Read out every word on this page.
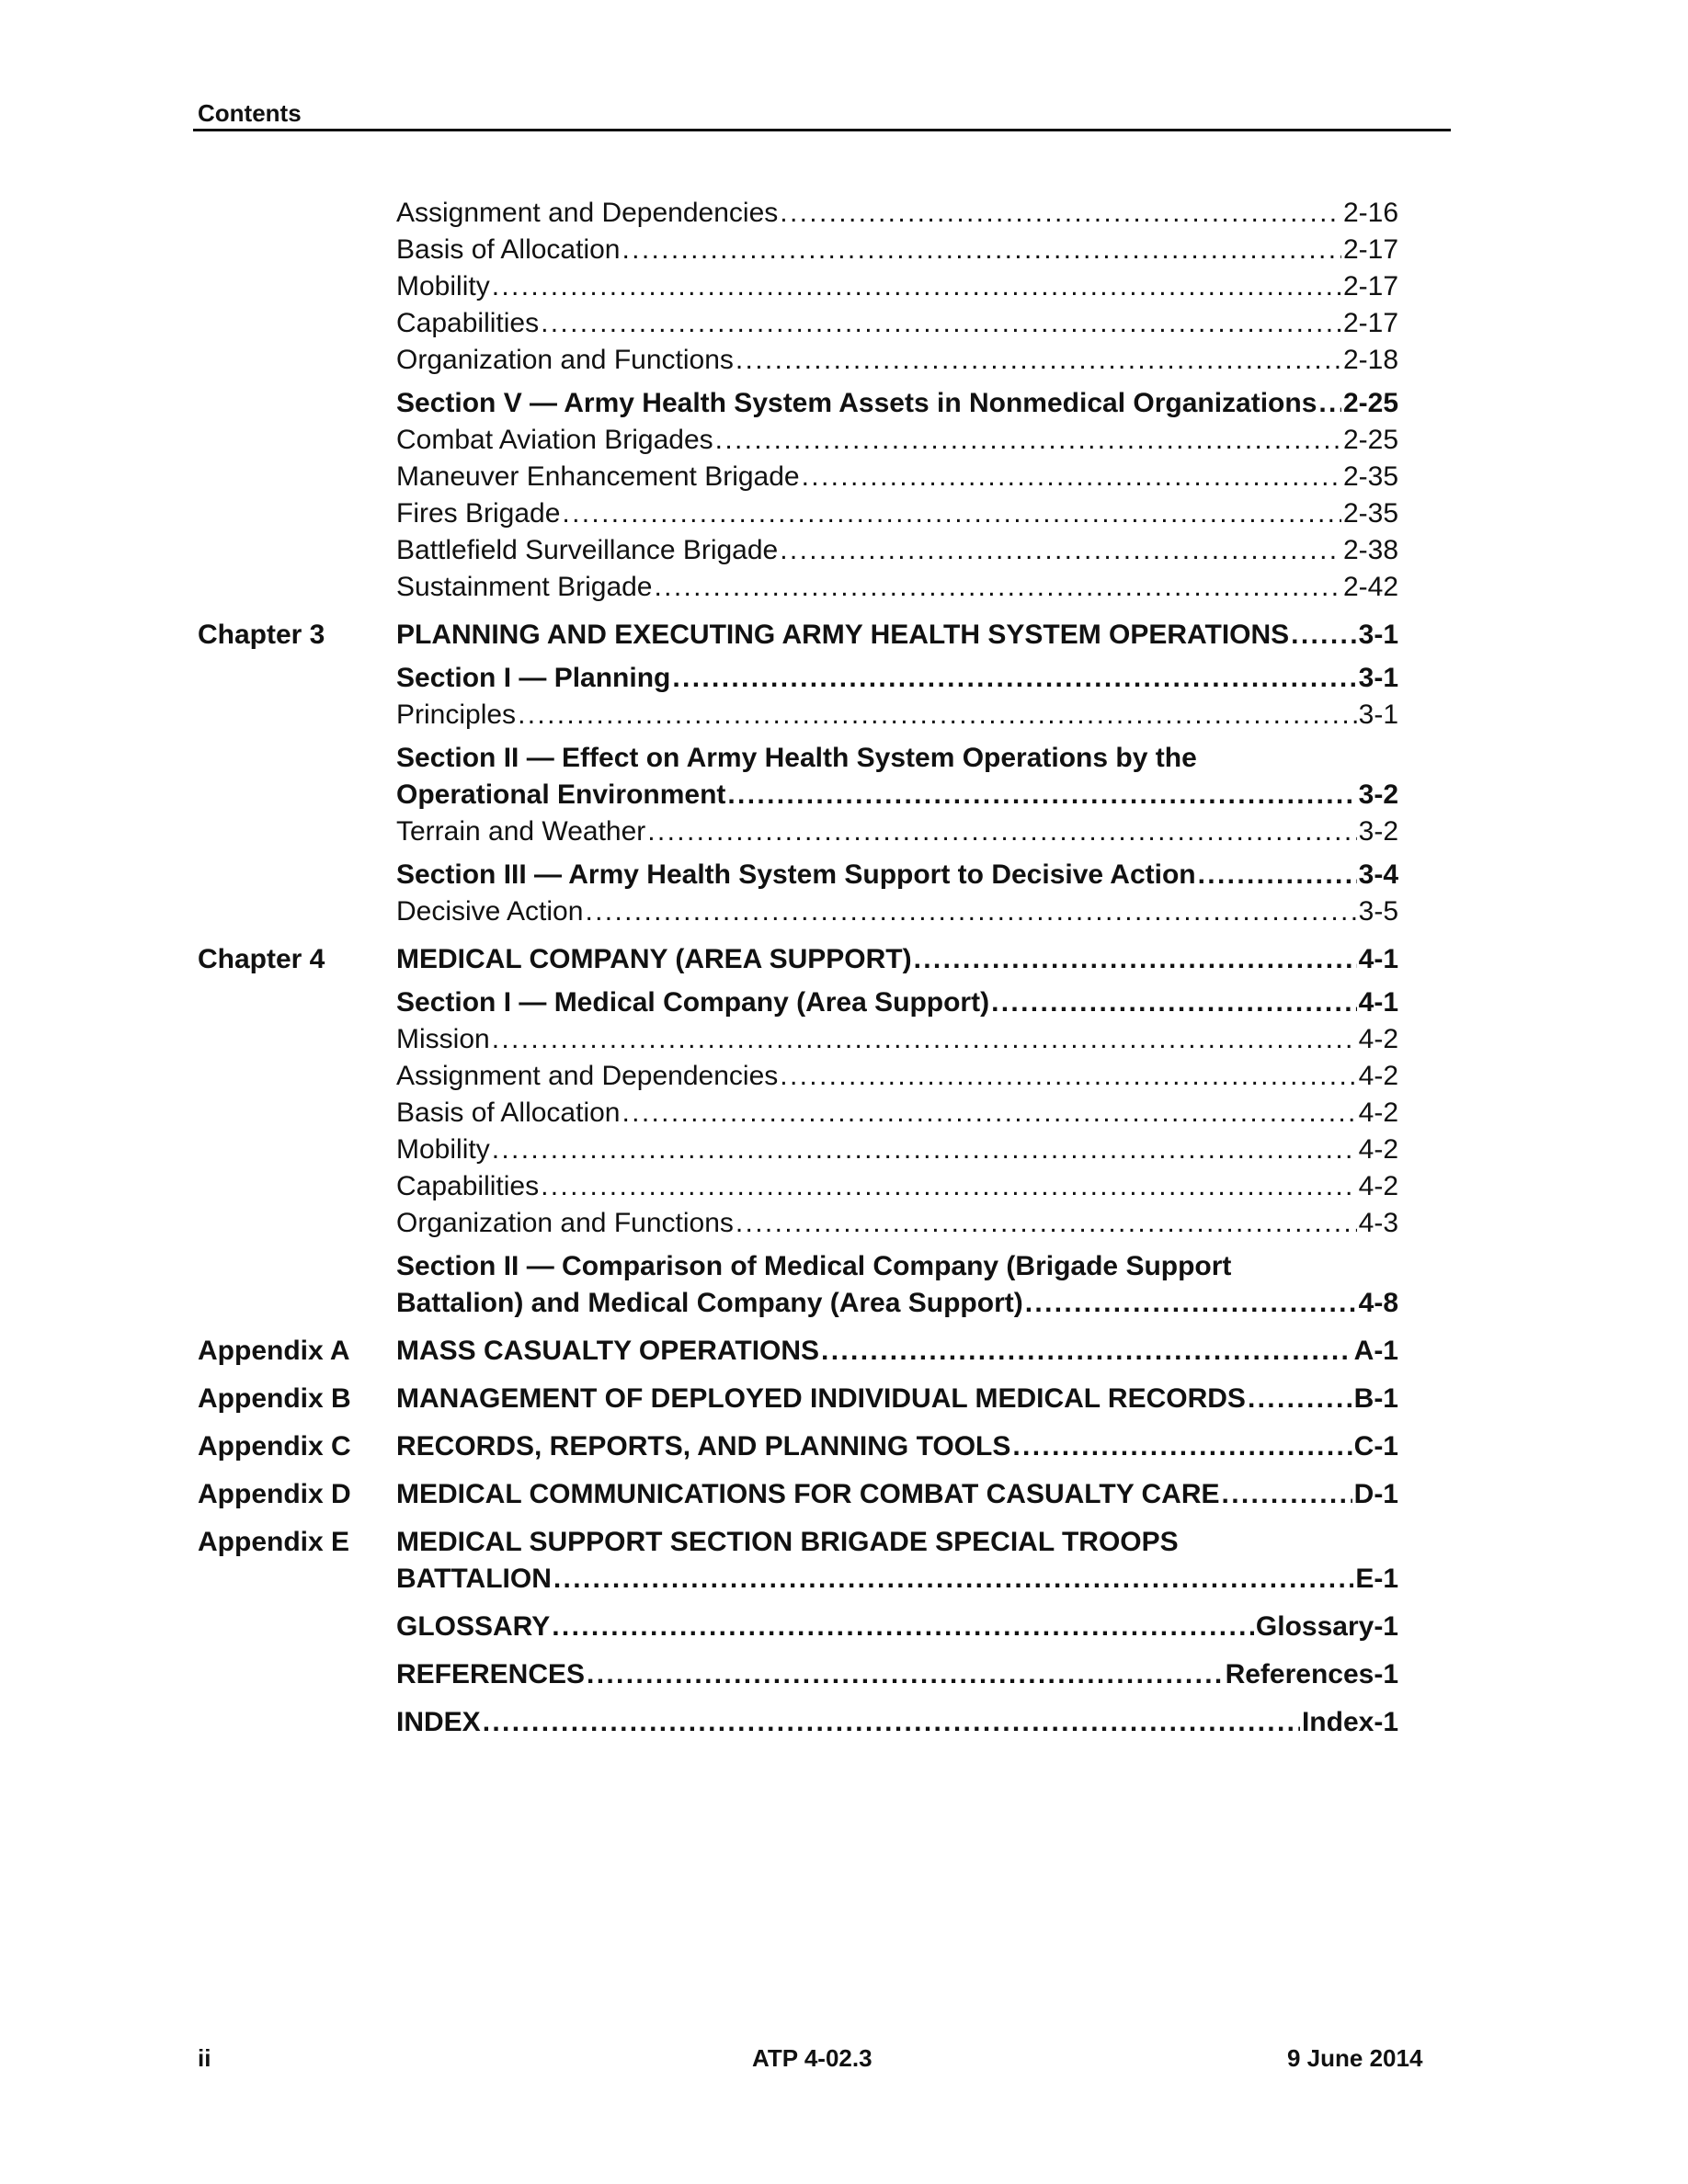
Contents
Assignment and Dependencies . . .	2-16
Basis of Allocation . . .	2-17
Mobility . . .	2-17
Capabilities . . .	2-17
Organization and Functions . . .	2-18
Section V — Army Health System Assets in Nonmedical Organizations . . . 2-25
Combat Aviation Brigades . . .	2-25
Maneuver Enhancement Brigade . . .	2-35
Fires Brigade . . .	2-35
Battlefield Surveillance Brigade . . .	2-38
Sustainment Brigade . . .	2-42
Chapter 3	PLANNING AND EXECUTING ARMY HEALTH SYSTEM OPERATIONS . . .	3-1
Section I — Planning . . .	3-1
Principles . . .	3-1
Section II — Effect on Army Health System Operations by the
Operational Environment . . .	3-2
Terrain and Weather . . .	3-2
Section III — Army Health System Support to Decisive Action . . .	3-4
Decisive Action . . .	3-5
Chapter 4	MEDICAL COMPANY (AREA SUPPORT) . . .	4-1
Section I — Medical Company (Area Support) . . .	4-1
Mission . . .	4-2
Assignment and Dependencies . . .	4-2
Basis of Allocation . . .	4-2
Mobility . . .	4-2
Capabilities . . .	4-2
Organization and Functions . . .	4-3
Section II — Comparison of Medical Company (Brigade Support
Battalion) and Medical Company (Area Support) . . .	4-8
Appendix A	MASS CASUALTY OPERATIONS . . .	A-1
Appendix B	MANAGEMENT OF DEPLOYED INDIVIDUAL MEDICAL RECORDS . . .	B-1
Appendix C	RECORDS, REPORTS, AND PLANNING TOOLS . . .	C-1
Appendix D	MEDICAL COMMUNICATIONS FOR COMBAT CASUALTY CARE . . .	D-1
Appendix E	MEDICAL SUPPORT SECTION BRIGADE SPECIAL TROOPS
BATTALION . . .	E-1
GLOSSARY . . .	Glossary-1
REFERENCES . . .	References-1
INDEX . . .	Index-1
ii	ATP 4-02.3	9 June 2014
